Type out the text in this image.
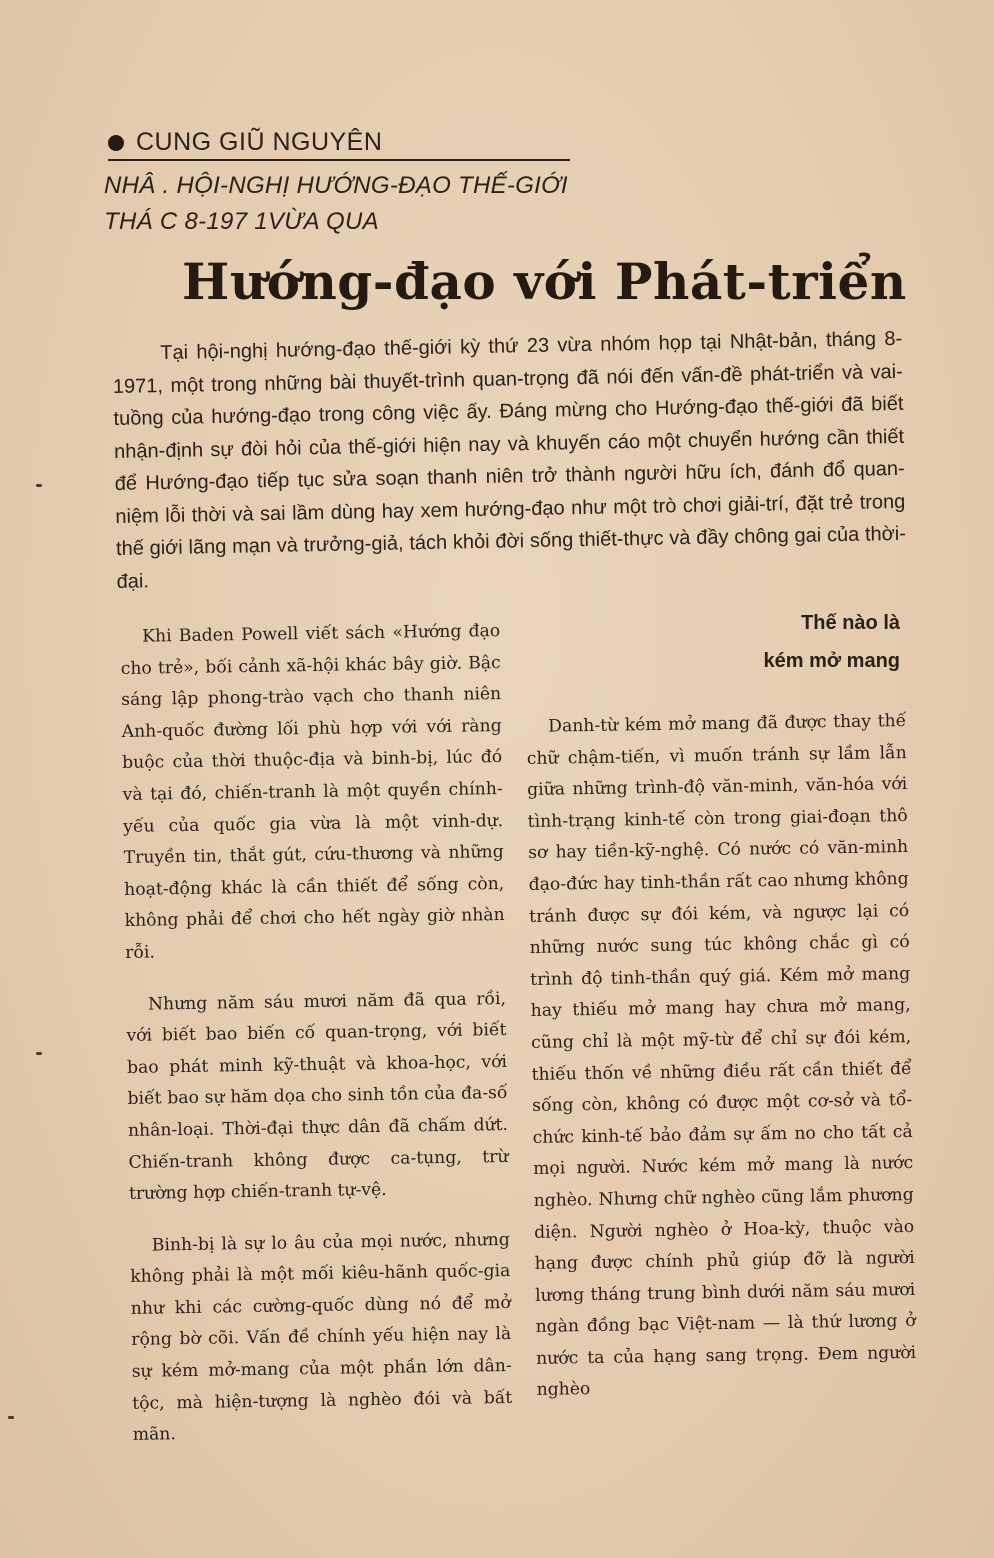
CUNG GIŨ NGUYÊN
NHÂ . HỘI-NGHỊ HƯỚNG-ĐẠO THẾ-GIỚI
THÁ C 8-197 1VỪA QUA
Hướng-đạo với Phát-triển

Tại hội-nghị hướng-đạo thế-giới kỳ thứ 23 vừa nhóm họp tại Nhật-bản, tháng 8-1971, một trong những bài thuyết-trình quan-trọng đã nói đến vấn-đề phát-triển và vai-tuồng của hướng-đạo trong công việc ấy. Đáng mừng cho Hướng-đạo thế-giới đã biết nhận-định sự đòi hỏi của thế-giới hiện nay và khuyến cáo một chuyển hướng cần thiết để Hướng-đạo tiếp tục sửa soạn thanh niên trở thành người hữu ích, đánh đổ quan-niệm lỗi thời và sai lầm dùng hay xem hướng-đạo như một trò chơi giải-trí, đặt trẻ trong thế giới lãng mạn và trưởng-giả, tách khỏi đời sống thiết-thực và đầy chông gai của thời-đại.

Khi Baden Powell viết sách «Hướng đạo cho trẻ», bối cảnh xã-hội khác bây giờ. Bậc sáng lập phong-trào vạch cho thanh niên Anh-quốc đường lối phù hợp với với ràng buộc của thời thuộc-địa và binh-bị, lúc đó và tại đó, chiến-tranh là một quyền chính-yếu của quốc gia vừa là một vinh-dự. Truyền tin, thắt gút, cứu-thương và những hoạt-động khác là cần thiết để sống còn, không phải để chơi cho hết ngày giờ nhàn rỗi.

Nhưng năm sáu mươi năm đã qua rồi, với biết bao biến cố quan-trọng, với biết bao phát minh kỹ-thuật và khoa-học, với biết bao sự hăm dọa cho sinh tồn của đa-số nhân-loại. Thời-đại thực dân đã chấm dứt. Chiến-tranh không được ca-tụng, trừ trường hợp chiến-tranh tự-vệ.

Binh-bị là sự lo âu của mọi nước, nhưng không phải là một mối kiêu-hãnh quốc-gia như khi các cường-quốc dùng nó để mở rộng bờ cõi. Vấn đề chính yếu hiện nay là sự kém mở-mang của một phần lớn dân-tộc, mà hiện-tượng là nghèo đói và bất mãn.

Thế nào là
kém mở mang

Danh-từ kém mở mang đã được thay thế chữ chậm-tiến, vì muốn tránh sự lầm lẫn giữa những trình-độ văn-minh, văn-hóa với tình-trạng kinh-tế còn trong giai-đoạn thô sơ hay tiền-kỹ-nghệ. Có nước có văn-minh đạo-đức hay tinh-thần rất cao nhưng không tránh được sự đói kém, và ngược lại có những nước sung túc không chắc gì có trình độ tinh-thần quý giá. Kém mở mang hay thiếu mở mang hay chưa mở mang, cũng chỉ là một mỹ-từ để chỉ sự đói kém, thiếu thốn về những điều rất cần thiết để sống còn, không có được một cơ-sở và tổ-chức kinh-tế bảo đảm sự ấm no cho tất cả mọi người. Nước kém mở mang là nước nghèo. Nhưng chữ nghèo cũng lắm phương diện. Người nghèo ở Hoa-kỳ, thuộc vào hạng được chính phủ giúp đỡ là người lương tháng trung bình dưới năm sáu mươi ngàn đồng bạc Việt-nam — là thứ lương ở nước ta của hạng sang trọng. Đem người nghèo
